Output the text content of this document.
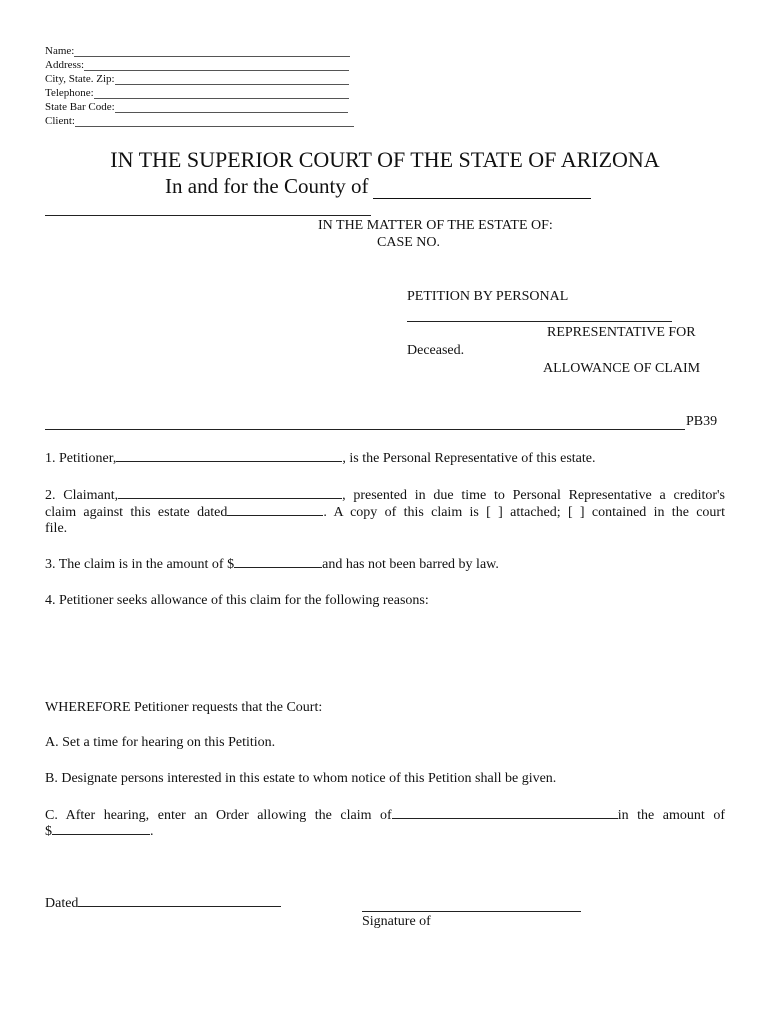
Name:
Address:
City, State. Zip:
Telephone:
State Bar Code:
Client:
IN THE SUPERIOR COURT OF THE STATE OF ARIZONA
In and for the County of
IN THE MATTER OF THE ESTATE OF:
CASE NO.
PETITION BY PERSONAL
REPRESENTATIVE FOR
Deceased.
ALLOWANCE OF CLAIM
PB39
1. Petitioner,	, is the Personal Representative of this estate.
2. Claimant,	, presented in due time to Personal Representative a creditor's
claim against this estate dated	. A copy of this claim is [ ] attached; [ ] contained in the court
file.
3. The claim is in the amount of $	and has not been barred by law.
4. Petitioner seeks allowance of this claim for the following reasons:
WHEREFORE Petitioner requests that the Court:
A. Set a time for hearing on this Petition.
B. Designate persons interested in this estate to whom notice of this Petition shall be given.
C. After hearing, enter an Order allowing the claim of	in the amount of
$	.
Dated
Signature of
